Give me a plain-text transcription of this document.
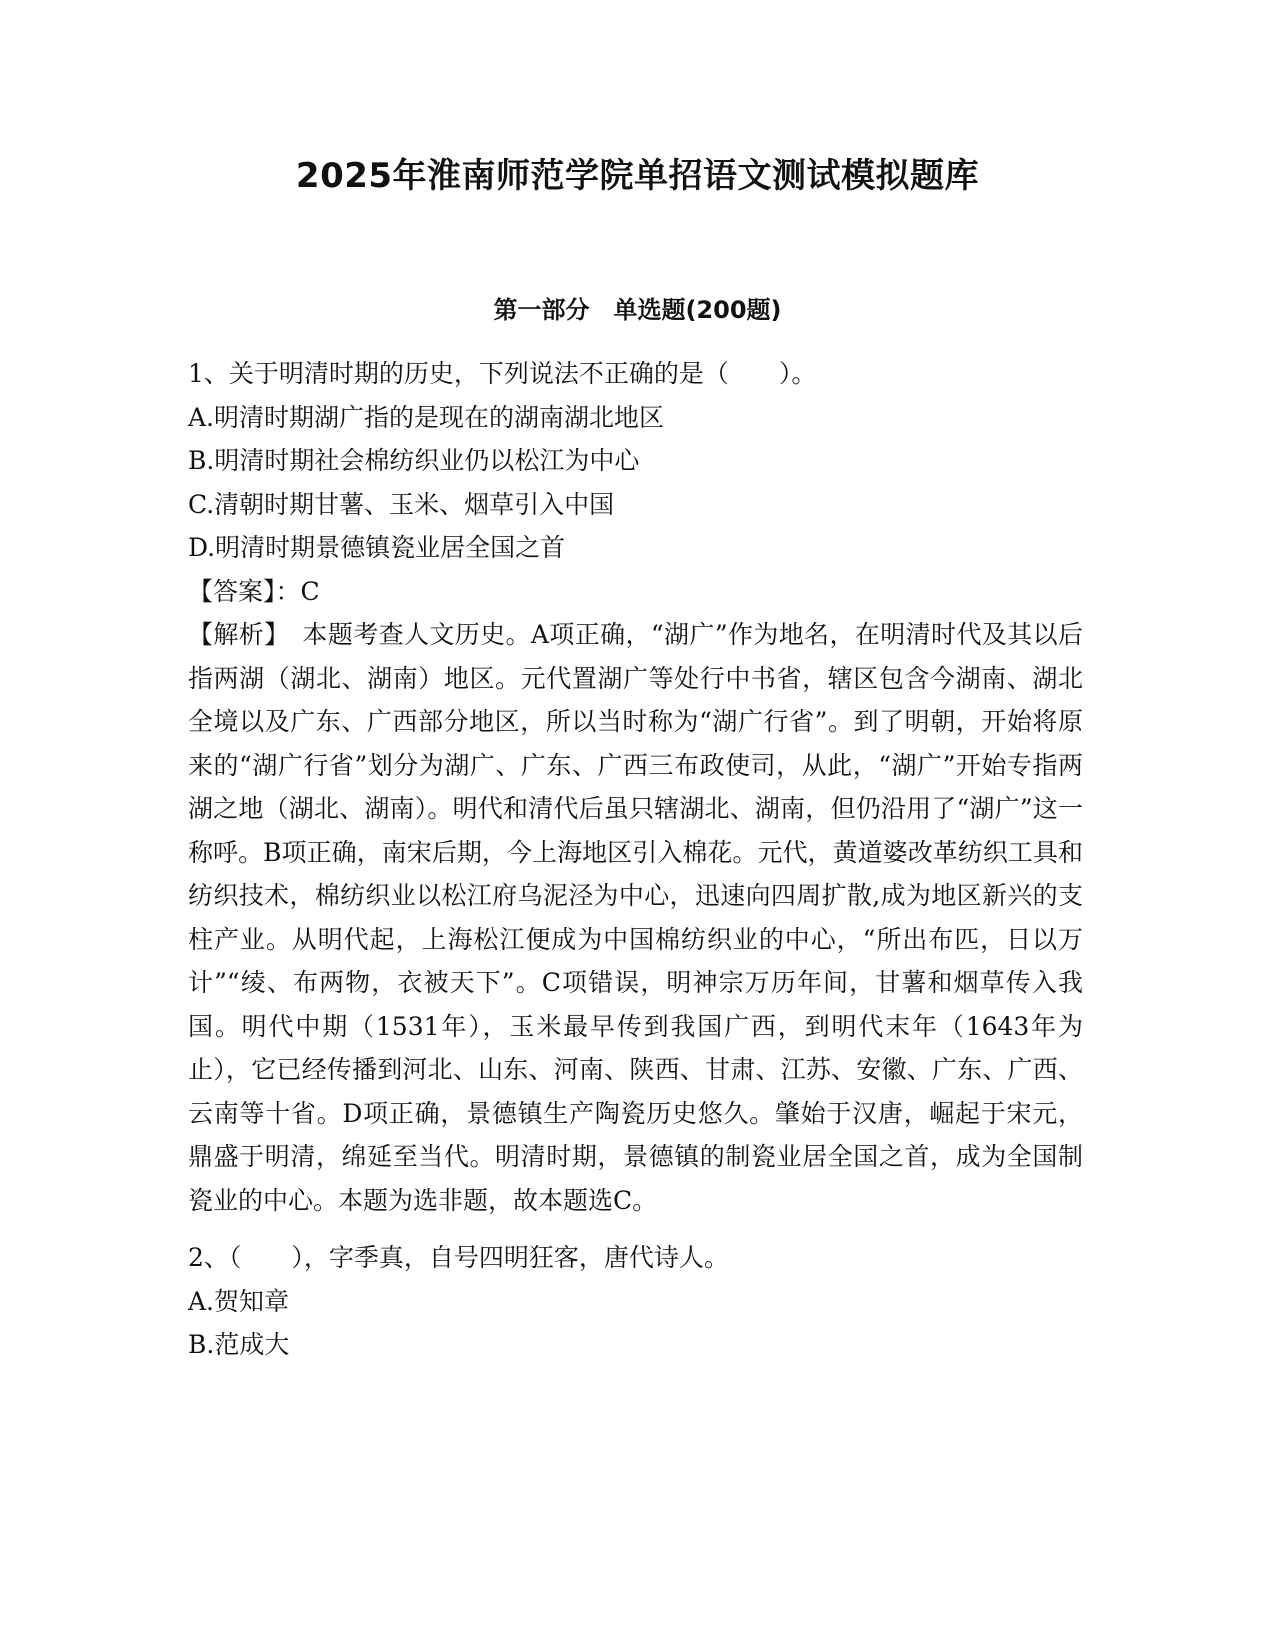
2025年淮南师范学院单招语文测试模拟题库
第一部分　单选题(200题)
1、关于明清时期的历史，下列说法不正确的是（　　）。
A.明清时期湖广指的是现在的湖南湖北地区
B.明清时期社会棉纺织业仍以松江为中心
C.清朝时期甘薯、玉米、烟草引入中国
D.明清时期景德镇瓷业居全国之首
【答案】：C
【解析】　本题考查人文历史。A项正确，“湖广”作为地名，在明清时代及其以后指两湖（湖北、湖南）地区。元代置湖广等处行中书省，辖区包含今湖南、湖北全境以及广东、广西部分地区，所以当时称为“湖广行省”。到了明朝，开始将原来的“湖广行省”划分为湖广、广东、广西三布政使司，从此，“湖广”开始专指两湖之地（湖北、湖南）。明代和清代后虽只辖湖北、湖南，但仍沿用了“湖广”这一称呼。B项正确，南宋后期，今上海地区引入棉花。元代，黄道婆改革纺织工具和纺织技术，棉纺织业以松江府乌泥泾为中心，迅速向四周扩散,成为地区新兴的支柱产业。从明代起，上海松江便成为中国棉纺织业的中心，“所出布匹，日以万计”“绫、布两物，衣被天下”。C项错误，明神宗万历年间，甘薯和烟草传入我国。明代中期（1531年），玉米最早传到我国广西，到明代末年（1643年为止），它已经传播到河北、山东、河南、陕西、甘肃、江苏、安徽、广东、广西、云南等十省。D项正确，景德镇生产陶瓷历史悠久。肇始于汉唐，崛起于宋元，鼎盛于明清，绵延至当代。明清时期，景德镇的制瓷业居全国之首，成为全国制瓷业的中心。本题为选非题，故本题选C。
2、（　　），字季真，自号四明狂客，唐代诗人。
A.贺知章
B.范成大
